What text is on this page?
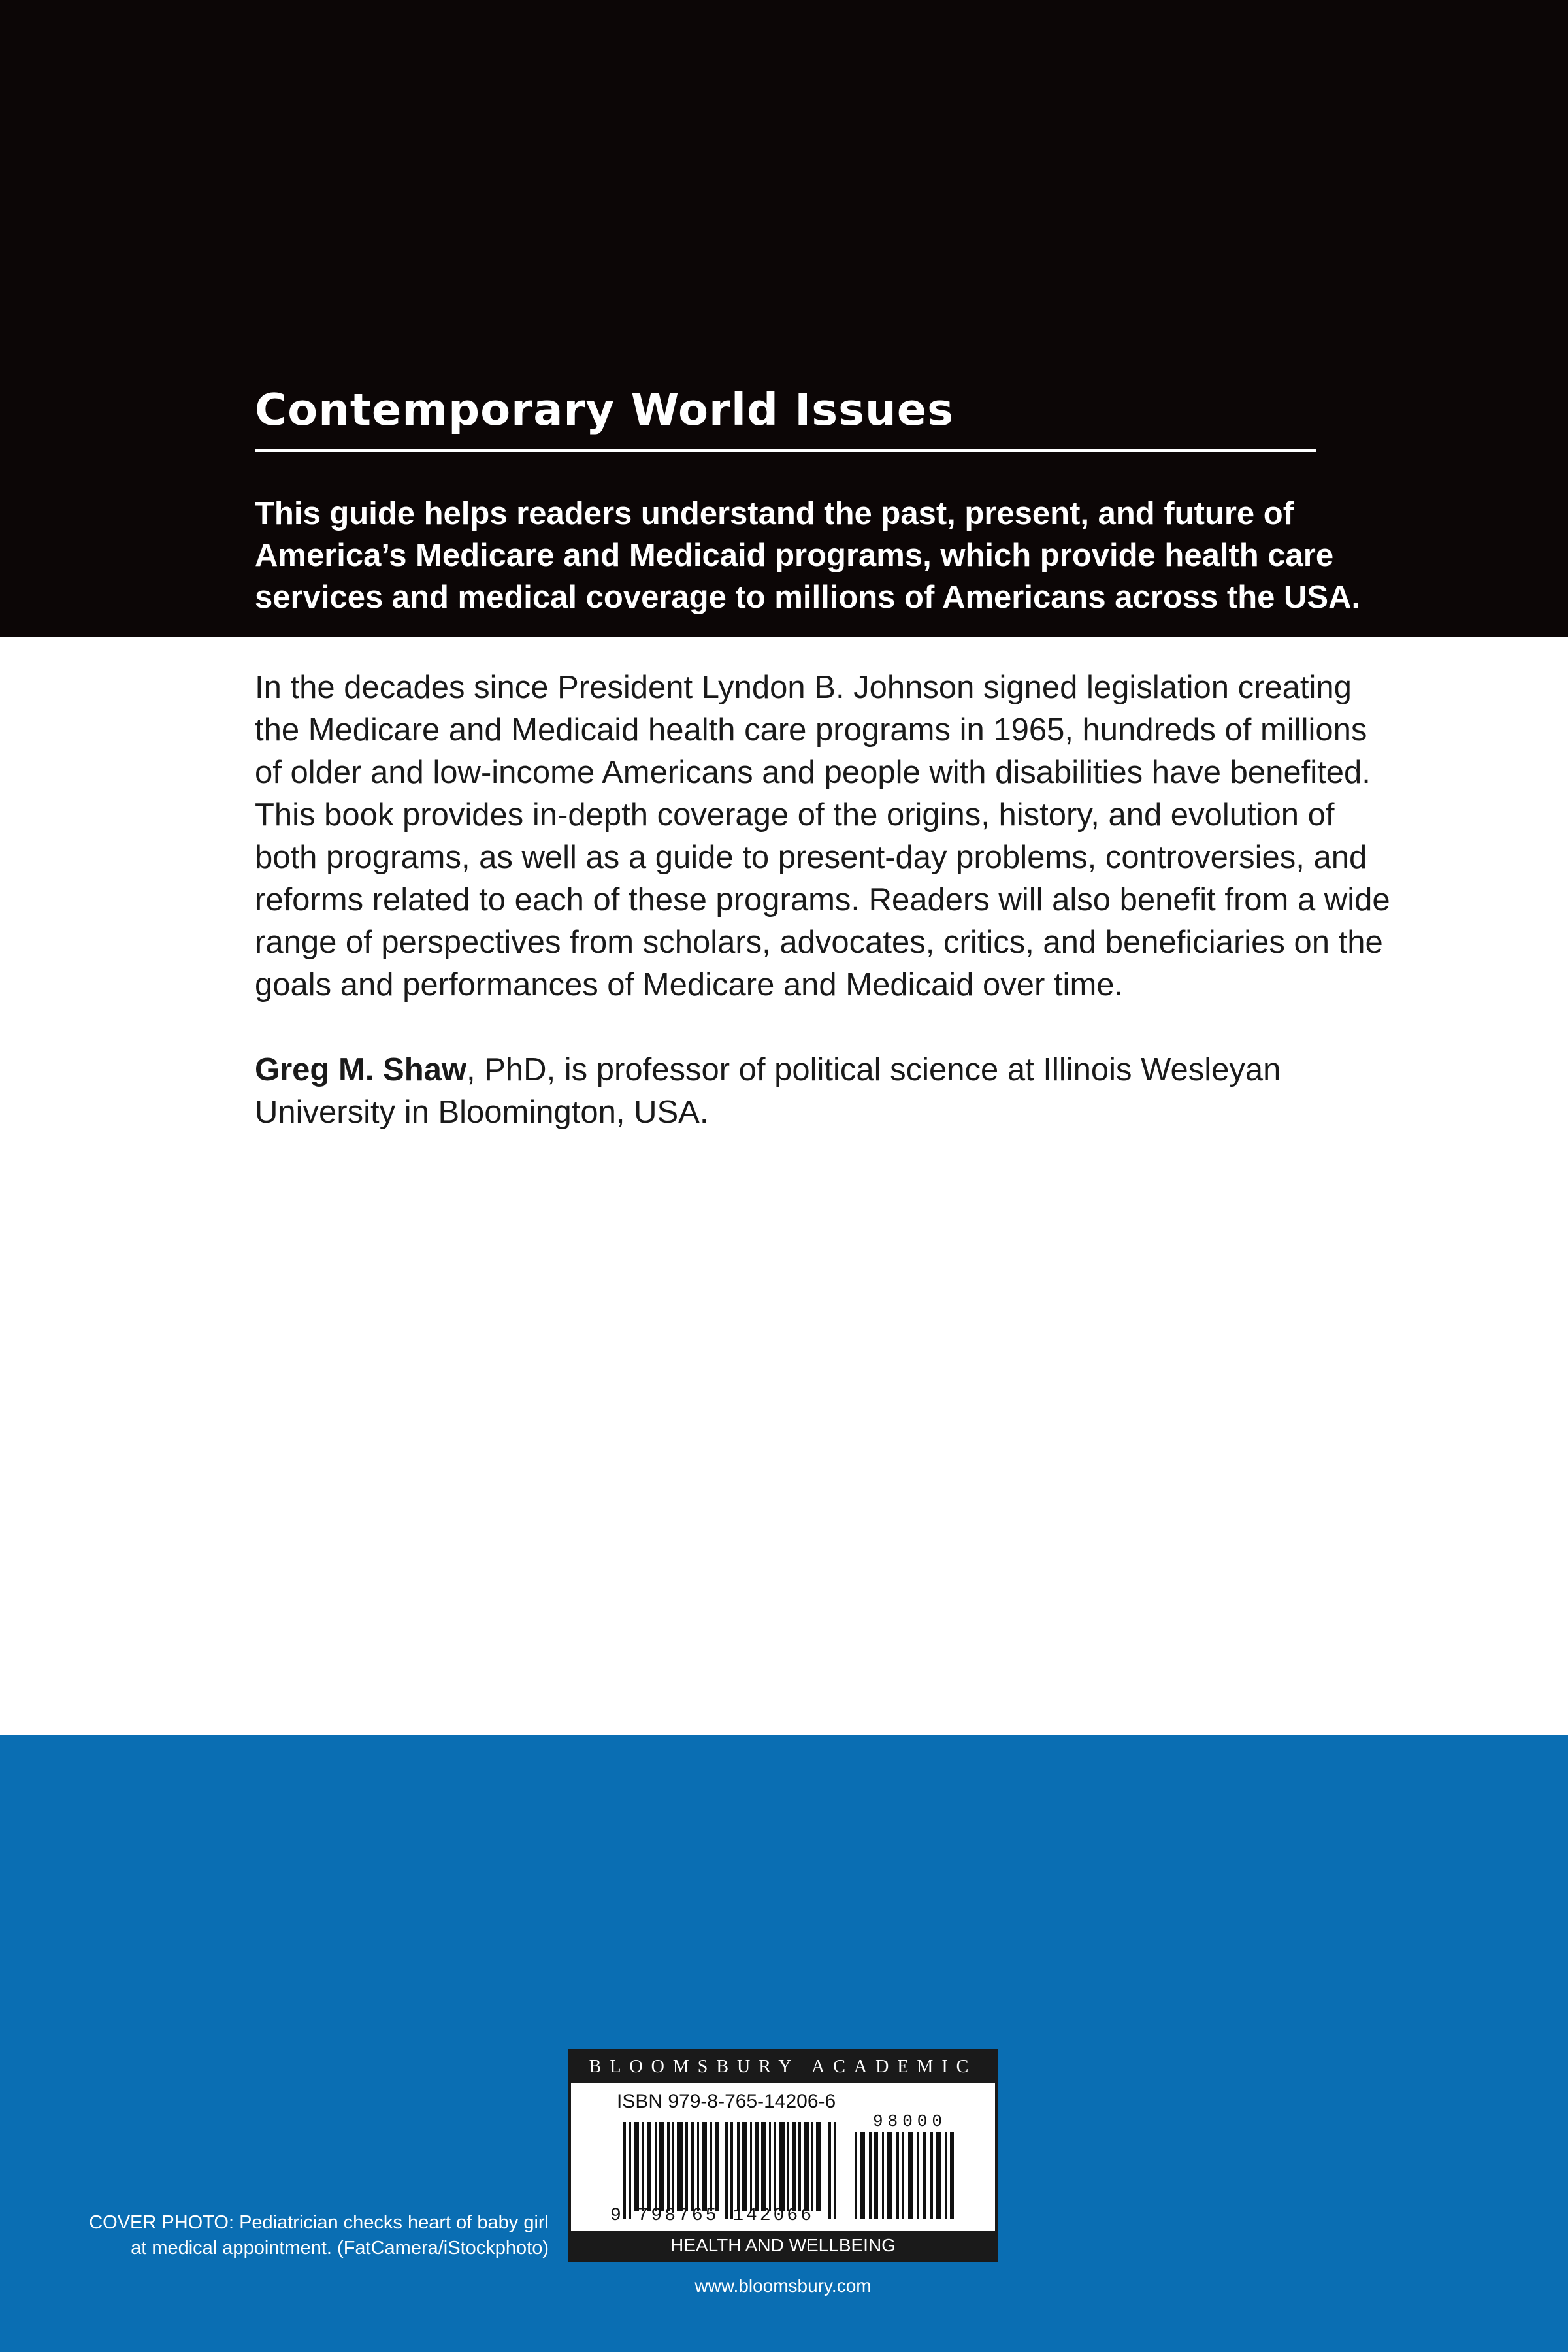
Contemporary World Issues
This guide helps readers understand the past, present, and future of
America’s Medicare and Medicaid programs, which provide health care
services and medical coverage to millions of Americans across the USA.
In the decades since President Lyndon B. Johnson signed legislation creating
the Medicare and Medicaid health care programs in 1965, hundreds of millions
of older and low-income Americans and people with disabilities have benefited.
This book provides in-depth coverage of the origins, history, and evolution of
both programs, as well as a guide to present-day problems, controversies, and
reforms related to each of these programs. Readers will also benefit from a wide
range of perspectives from scholars, advocates, critics, and beneficiaries on the
goals and performances of Medicare and Medicaid over time.
Greg M. Shaw, PhD, is professor of political science at Illinois Wesleyan
University in Bloomington, USA.
BLOOMSBURY ACADEMIC
ISBN 979-8-765-14206-6
98000
9 798765 142066
HEALTH AND WELLBEING
COVER PHOTO: Pediatrician checks heart of baby girl
at medical appointment. (FatCamera/iStockphoto)
www.bloomsbury.com
